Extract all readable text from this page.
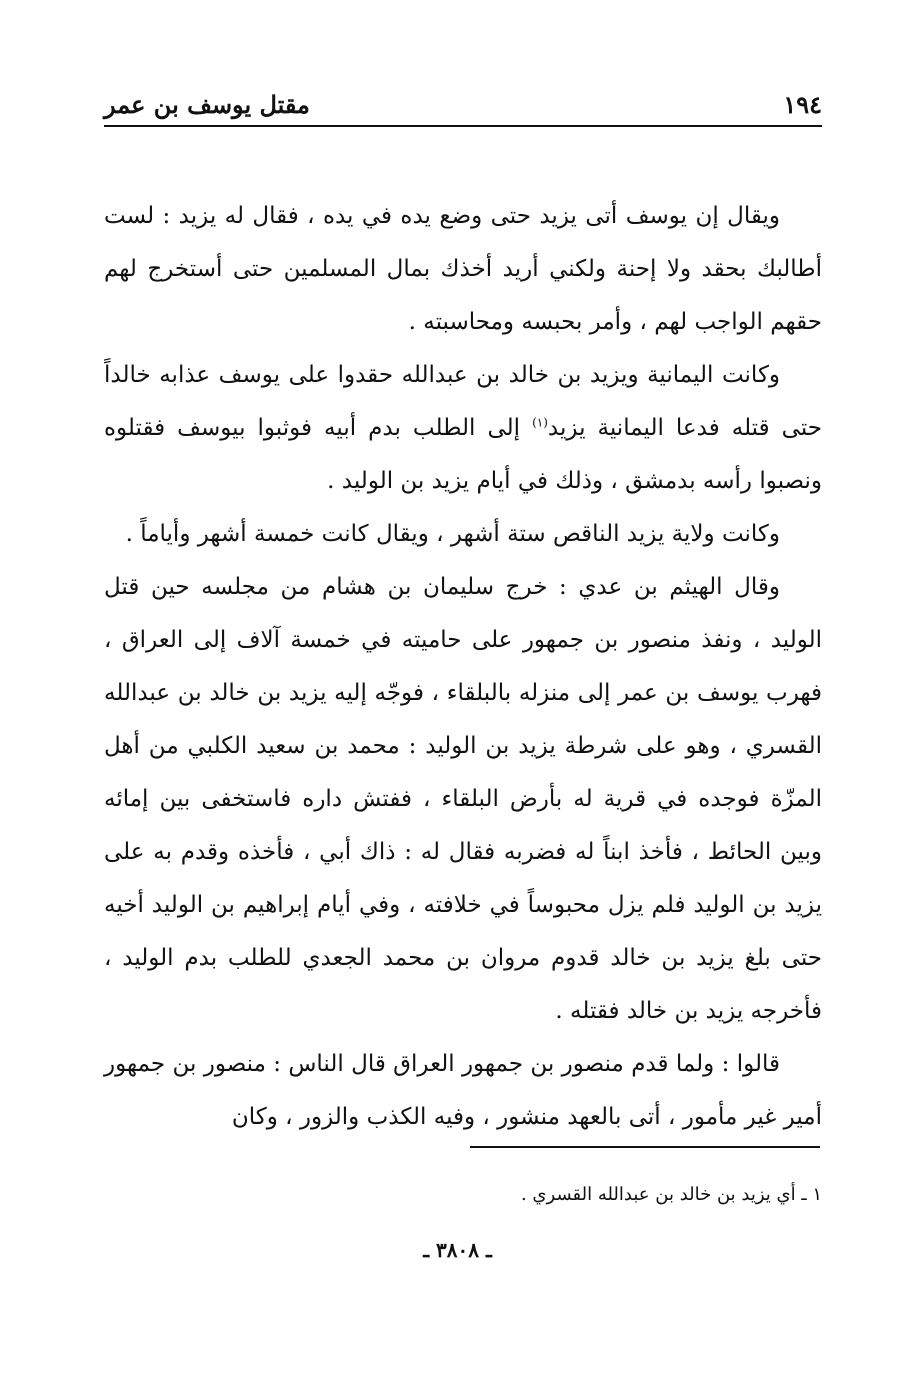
١٩٤
مقتل يوسف بن عمر

ويقال إن يوسف أتى يزيد حتى وضع يده في يده ، فقال له يزيد : لست أطالبك بحقد ولا إحنة ولكني أريد أخذك بمال المسلمين حتى أستخرج لهم حقهم الواجب لهم ، وأمر بحبسه ومحاسبته .

وكانت اليمانية ويزيد بن خالد بن عبدالله حقدوا على يوسف عذابه خالداً حتى قتله فدعا اليمانية يزيد$^{(١)}$ إلى الطلب بدم أبيه فوثبوا بيوسف فقتلوه ونصبوا رأسه بدمشق ، وذلك في أيام يزيد بن الوليد .

وكانت ولاية يزيد الناقص ستة أشهر ، ويقال كانت خمسة أشهر وأياماً .

وقال الهيثم بن عدي : خرج سليمان بن هشام من مجلسه حين قتل الوليد ، ونفذ منصور بن جمهور على حاميته في خمسة آلاف إلى العراق ، فهرب يوسف بن عمر إلى منزله بالبلقاء ، فوجّه إليه يزيد بن خالد بن عبدالله القسري ، وهو على شرطة يزيد بن الوليد : محمد بن سعيد الكلبي من أهل المزّة فوجده في قرية له بأرض البلقاء ، ففتش داره فاستخفى بين إمائه وبين الحائط ، فأخذ ابناً له فضربه فقال له : ذاك أبي ، فأخذه وقدم به على يزيد بن الوليد فلم يزل محبوساً في خلافته ، وفي أيام إبراهيم بن الوليد أخيه حتى بلغ يزيد بن خالد قدوم مروان بن محمد الجعدي للطلب بدم الوليد ، فأخرجه يزيد بن خالد فقتله .

قالوا : ولما قدم منصور بن جمهور العراق قال الناس : منصور بن جمهور أمير غير مأمور ، أتى بالعهد منشور ، وفيه الكذب والزور ، وكان

١ ـ أي يزيد بن خالد بن عبدالله القسري .
ـ ٣٨٠٨ ـ
